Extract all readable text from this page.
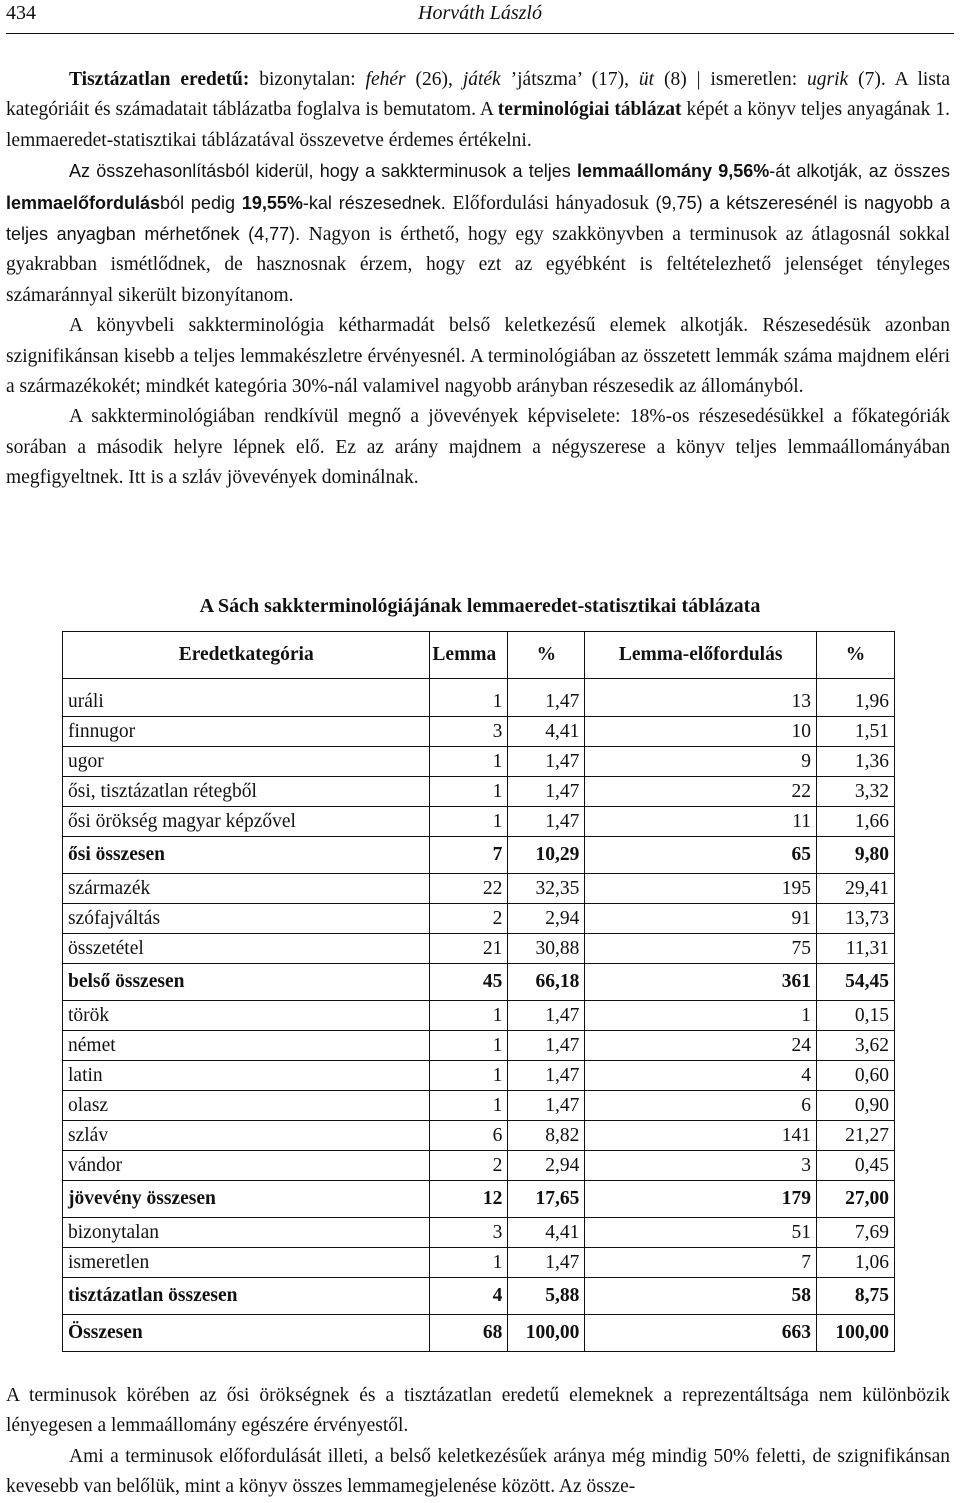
434	Horváth László

Tisztázatlan eredetű: bizonytalan: fehér (26), játék ’játszma’ (17), üt (8) | ismeretlen: ugrik (7). A lista kategóriáit és számadatait táblázatba foglalva is bemutatom. A terminológiai táblázat képét a könyv teljes anyagának 1. lemmaeredet-statisztikai táblázatával összevetve érdemes értékelni.

Az összehasonlításból kiderül, hogy a sakkterminusok a teljes lemmaállomány 9,56%-át alkotják, az összes lemmaelőfordulásból pedig 19,55%-kal részesednek. Előfordulási hányadosuk (9,75) a kétszeresénél is nagyobb a teljes anyagban mérhetőnek (4,77). Nagyon is érthető, hogy egy szakkönyvben a terminusok az átlagosnál sokkal gyakrabban ismétlődnek, de hasznosnak érzem, hogy ezt az egyébként is feltételezhető jelenséget tényleges számaránnyal sikerült bizonyítanom.

A könyvbeli sakkterminológia kétharmadát belső keletkezésű elemek alkotják. Részesedésük azonban szignifikánsan kisebb a teljes lemmakészletre érvényesnél. A terminológiában az összetett lemmák száma majdnem eléri a származékokét; mindkét kategória 30%-nál valamivel nagyobb arányban részesedik az állományból.

A sakkterminológiában rendkívül megnő a jövevények képviselete: 18%-os részesedésükkel a főkategóriák sorában a második helyre lépnek elő. Ez az arány majdnem a négyszerese a könyv teljes lemmaállományában megfigyeltnek. Itt is a szláv jövevények dominálnak.

A Sách sakkterminológiájának lemmaeredet-statisztikai táblázata
Eredetkategória	Lemma	%	Lemma-előfordulás	%
uráli	1	1,47	13	1,96
finnugor	3	4,41	10	1,51
ugor	1	1,47	9	1,36
ősi, tisztázatlan rétegből	1	1,47	22	3,32
ősi örökség magyar képzővel	1	1,47	11	1,66
ősi összesen	7	10,29	65	9,80
származék	22	32,35	195	29,41
szófajváltás	2	2,94	91	13,73
összetétel	21	30,88	75	11,31
belső összesen	45	66,18	361	54,45
török	1	1,47	1	0,15
német	1	1,47	24	3,62
latin	1	1,47	4	0,60
olasz	1	1,47	6	0,90
szláv	6	8,82	141	21,27
vándor	2	2,94	3	0,45
jövevény összesen	12	17,65	179	27,00
bizonytalan	3	4,41	51	7,69
ismeretlen	1	1,47	7	1,06
tisztázatlan összesen	4	5,88	58	8,75
Összesen	68	100,00	663	100,00

A terminusok körében az ősi örökségnek és a tisztázatlan eredetű elemeknek a reprezentáltsága nem különbözik lényegesen a lemmaállomány egészére érvényestől.

Ami a terminusok előfordulását illeti, a belső keletkezésűek aránya még mindig 50% feletti, de szignifikánsan kevesebb van belőlük, mint a könyv összes lemmamegjelenése között. Az össze-
